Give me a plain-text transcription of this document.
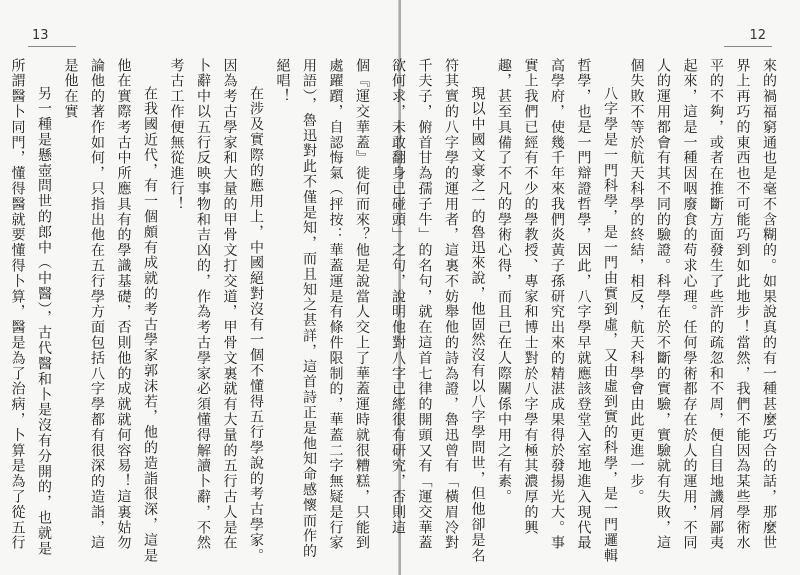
13

個『運交華蓋』徙何而來？他是說當人交上了華蓋運時就很糟糕，只能到處躍躓，自認悔氣（抨按：華蓋運是有條件限制的，華蓋二字無疑是行家用語），魯迅對此不僅是知，而且知之甚詳，這首詩正是他知命感懷而作的絕唱！

在涉及實際的應用上，中國絕對沒有一個不懂得五行學說的考古學家。因為考古學家和大量的甲骨文打交道，甲骨文裏就有大量的五行古人是在卜辭中以五行反映事物和吉凶的，作為考古學家必須懂得解讀卜辭，不然考古工作便無從進行！

在我國近代，有一個頗有成就的考古學家郭沫若，他的造詣很深，這是他在實際考古中所應具有的學識基礎，否則他的成就就何容易！這裏姑勿論他的著作如何，只指出他在五行學方面包括八字學都有很深的造詣，這是他在實

另一種是懸壺問世的郎中（中醫），古代醫和卜是沒有分開的，也就是所謂醫卜同門，懂得醫就要懂得卜算，醫是為了治病，卜算是為了從五行

12

來的禍福窮通也是毫不含糊的。如果說真的有一種甚麼巧合的話，那麼世界上再巧的東西也不可能巧到如此地步！當然，我們不能因為某些學術水平的不夠，或者在推斷方面發生了些許的疏忽和不周，便自目地譏屑鄙夷起來，這是一種因咽廢食的苟求心理。任何學術都存在於人的運用，不同人的運用都會有其不同的驗證。科學在於不斷的實驗，實驗就有失敗，這個失敗不等於航天科學的終結，相反，航天科學會由此更進一步。

八字學是一門科學，是一門由實到虛，又由虛到實的科學，是一門邏輯哲學，也是一門辯證哲學，因此，八字學早就應該登堂入室地進入現代最高學府，使幾千年來我們炎黃子孫研究出來的精湛成果得於發揚光大。事實上我們已經有不少的學教授、專家和博士對於八字學有極其濃厚的興趣，甚至具備了不凡的學術心得，而且已在人際關係中用之有素。

現以中國文豪之一的魯迅來說，他固然沒有以八字學問世，但他卻是名符其實的八字學的運用者，這裏不妨舉他的詩為證，魯迅曾有「橫眉冷對千夫子，俯首甘為孺子牛」的名句，就在這首七律的開頭又有「運交華蓋欲何求，未敢翻身已碰頭」之句，說明他對八字已經很有研究，否則這
